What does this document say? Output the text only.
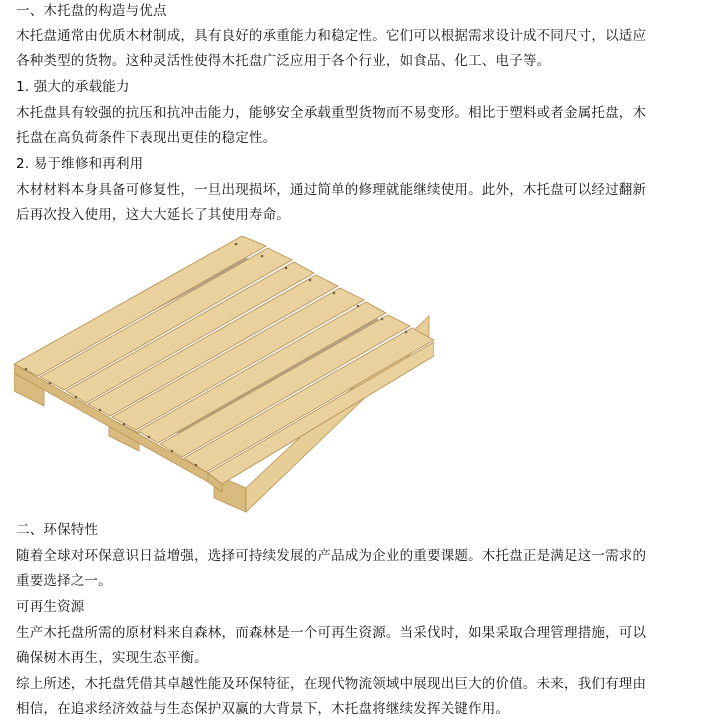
一、木托盘的构造与优点
木托盘通常由优质木材制成，具有良好的承重能力和稳定性。它们可以根据需求设计成不同尺寸，以适应
各种类型的货物。这种灵活性使得木托盘广泛应用于各个行业，如食品、化工、电子等。
1. 强大的承载能力
木托盘具有较强的抗压和抗冲击能力，能够安全承载重型货物而不易变形。相比于塑料或者金属托盘，木
托盘在高负荷条件下表现出更佳的稳定性。
2. 易于维修和再利用
木材材料本身具备可修复性，一旦出现损坏，通过简单的修理就能继续使用。此外，木托盘可以经过翻新
后再次投入使用，这大大延长了其使用寿命。
二、环保特性
随着全球对环保意识日益增强，选择可持续发展的产品成为企业的重要课题。木托盘正是满足这一需求的
重要选择之一。
可再生资源
生产木托盘所需的原材料来自森林，而森林是一个可再生资源。当采伐时，如果采取合理管理措施，可以
确保树木再生，实现生态平衡。
综上所述，木托盘凭借其卓越性能及环保特征，在现代物流领域中展现出巨大的价值。未来，我们有理由
相信，在追求经济效益与生态保护双赢的大背景下，木托盘将继续发挥关键作用。
